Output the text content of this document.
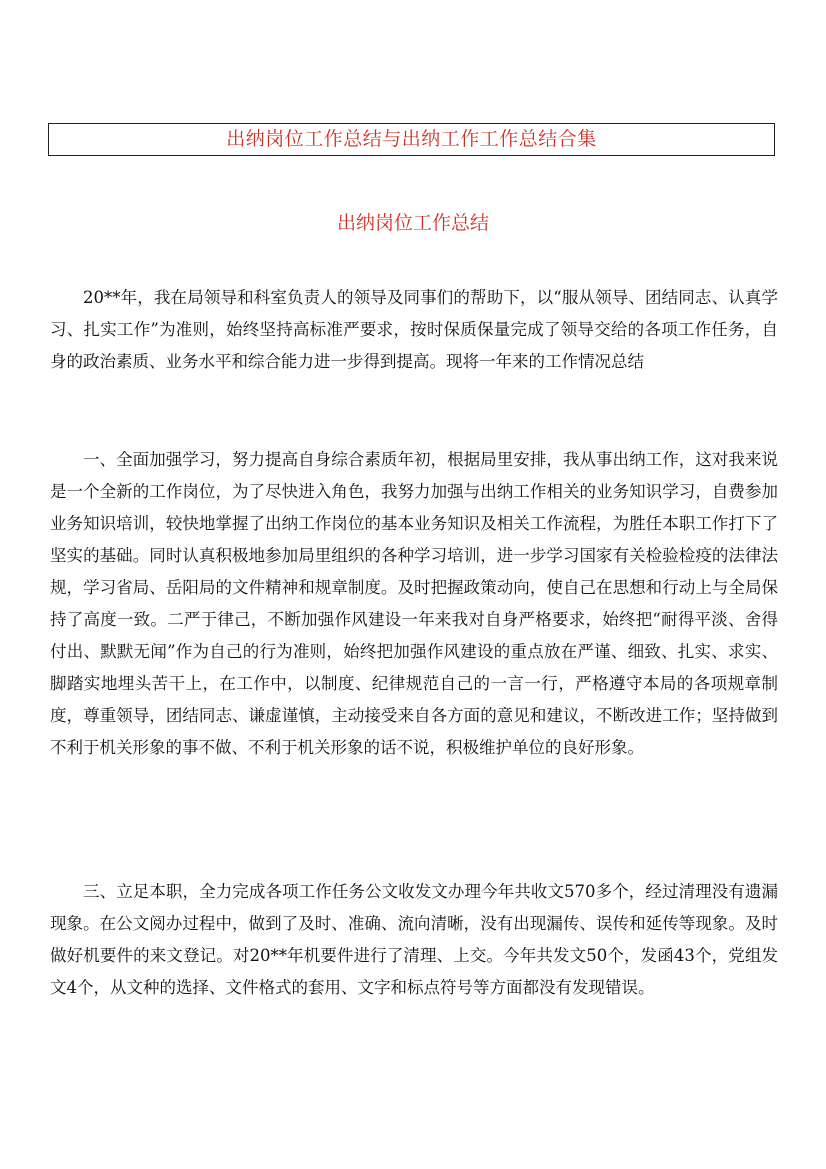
出纳岗位工作总结与出纳工作工作总结合集
出纳岗位工作总结

20**年，我在局领导和科室负责人的领导及同事们的帮助下，以“服从领导、团结同志、认真学习、扎实工作”为准则，始终坚持高标准严要求，按时保质保量完成了领导交给的各项工作任务，自身的政治素质、业务水平和综合能力进一步得到提高。现将一年来的工作情况总结

一、全面加强学习，努力提高自身综合素质年初，根据局里安排，我从事出纳工作，这对我来说是一个全新的工作岗位，为了尽快进入角色，我努力加强与出纳工作相关的业务知识学习，自费参加业务知识培训，较快地掌握了出纳工作岗位的基本业务知识及相关工作流程，为胜任本职工作打下了坚实的基础。同时认真积极地参加局里组织的各种学习培训，进一步学习国家有关检验检疫的法律法规，学习省局、岳阳局的文件精神和规章制度。及时把握政策动向，使自己在思想和行动上与全局保持了高度一致。二严于律己，不断加强作风建设一年来我对自身严格要求，始终把“耐得平淡、舍得付出、默默无闻”作为自己的行为准则，始终把加强作风建设的重点放在严谨、细致、扎实、求实、脚踏实地埋头苦干上，在工作中，以制度、纪律规范自己的一言一行，严格遵守本局的各项规章制度，尊重领导，团结同志、谦虚谨慎，主动接受来自各方面的意见和建议，不断改进工作；坚持做到不利于机关形象的事不做、不利于机关形象的话不说，积极维护单位的良好形象。

三、立足本职，全力完成各项工作任务公文收发文办理今年共收文570多个，经过清理没有遗漏现象。在公文阅办过程中，做到了及时、准确、流向清晰，没有出现漏传、误传和延传等现象。及时做好机要件的来文登记。对20**年机要件进行了清理、上交。今年共发文50个，发函43个，党组发文4个，从文种的选择、文件格式的套用、文字和标点符号等方面都没有发现错误。
